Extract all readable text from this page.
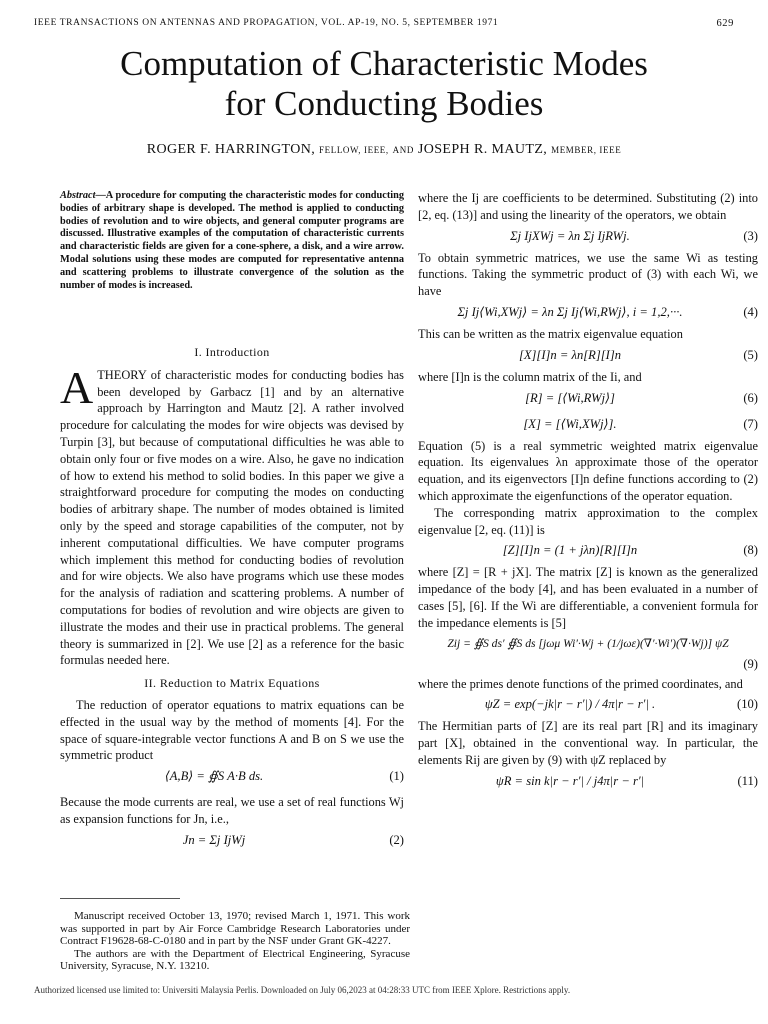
IEEE TRANSACTIONS ON ANTENNAS AND PROPAGATION, VOL. AP-19, NO. 5, SEPTEMBER 1971	629
Computation of Characteristic Modes
for Conducting Bodies
ROGER F. HARRINGTON, FELLOW, IEEE, AND JOSEPH R. MAUTZ, MEMBER, IEEE
Abstract—A procedure for computing the characteristic modes for conducting bodies of arbitrary shape is developed. The method is applied to conducting bodies of revolution and to wire objects, and general computer programs are discussed. Illustrative examples of the computation of characteristic currents and characteristic fields are given for a cone-sphere, a disk, and a wire arrow. Modal solutions using these modes are computed for representative antenna and scattering problems to illustrate convergence of the solution as the number of modes is increased.
I. Introduction

ATHEORY of characteristic modes for conducting bodies has been developed by Garbacz [1] and by an alternative approach by Harrington and Mautz [2]. A rather involved procedure for calculating the modes for wire objects was devised by Turpin [3], but because of computational difficulties he was able to obtain only four or five modes on a wire. Also, he gave no indication of how to extend his method to solid bodies. In this paper we give a straightforward procedure for computing the modes on conducting bodies of arbitrary shape. The number of modes obtained is limited only by the speed and storage capabilities of the computer, not by inherent computational difficulties. We have computer programs which implement this method for conducting bodies of revolution and for wire objects. We also have programs which use these modes for the analysis of radiation and scattering problems. A number of computations for bodies of revolution and wire objects are given to illustrate the modes and their use in practical problems. The general theory is summarized in [2]. We use [2] as a reference for the basic formulas needed here.

II. Reduction to Matrix Equations

The reduction of operator equations to matrix equations can be effected in the usual way by the method of moments [4]. For the space of square-integrable vector functions A and B on S we use the symmetric product

⟨A,B⟩ = ∯S A·B ds.	(1)

Because the mode currents are real, we use a set of real functions Wj as expansion functions for Jn, i.e.,

Jn = Σj IjWj	(2)

Manuscript received October 13, 1970; revised March 1, 1971. This work was supported in part by Air Force Cambridge Research Laboratories under Contract F19628-68-C-0180 and in part by the NSF under Grant GK-4227.

The authors are with the Department of Electrical Engineering, Syracuse University, Syracuse, N.Y. 13210.

where the Ij are coefficients to be determined. Substituting (2) into [2, eq. (13)] and using the linearity of the operators, we obtain

Σj IjXWj = λn Σj IjRWj.	(3)

To obtain symmetric matrices, we use the same Wi as testing functions. Taking the symmetric product of (3) with each Wi, we have

Σj Ij⟨Wi,XWj⟩ = λn Σj Ij⟨Wi,RWj⟩, i = 1,2,···.	(4)

This can be written as the matrix eigenvalue equation

[X][I]n = λn[R][I]n	(5)

where [I]n is the column matrix of the Ii, and

[R] = [⟨Wi,RWj⟩]	(6)
[X] = [⟨Wi,XWj⟩].	(7)

Equation (5) is a real symmetric weighted matrix eigenvalue equation. Its eigenvalues λn approximate those of the operator equation, and its eigenvectors [I]n define functions according to (2) which approximate the eigenfunctions of the operator equation.

The corresponding matrix approximation to the complex eigenvalue [2, eq. (11)] is

[Z][I]n = (1 + jλn)[R][I]n	(8)

where [Z] = [R + jX]. The matrix [Z] is known as the generalized impedance of the body [4], and has been evaluated in a number of cases [5], [6]. If the Wi are differentiable, a convenient formula for the impedance elements is [5]

Zij = ∯S ds′ ∯S ds [jωμ Wi′·Wj + (1/jωε)(∇′·Wi′)(∇·Wj)] ψZ
(9)

where the primes denote functions of the primed coordinates, and

ψZ = exp(−jk|r − r′|) / 4π|r − r′| .	(10)

The Hermitian parts of [Z] are its real part [R] and its imaginary part [X], obtained in the conventional way. In particular, the elements Rij are given by (9) with ψZ replaced by

ψR = sin k|r − r′| / j4π|r − r′|	(11)
Authorized licensed use limited to: Universiti Malaysia Perlis. Downloaded on July 06,2023 at 04:28:33 UTC from IEEE Xplore. Restrictions apply.
